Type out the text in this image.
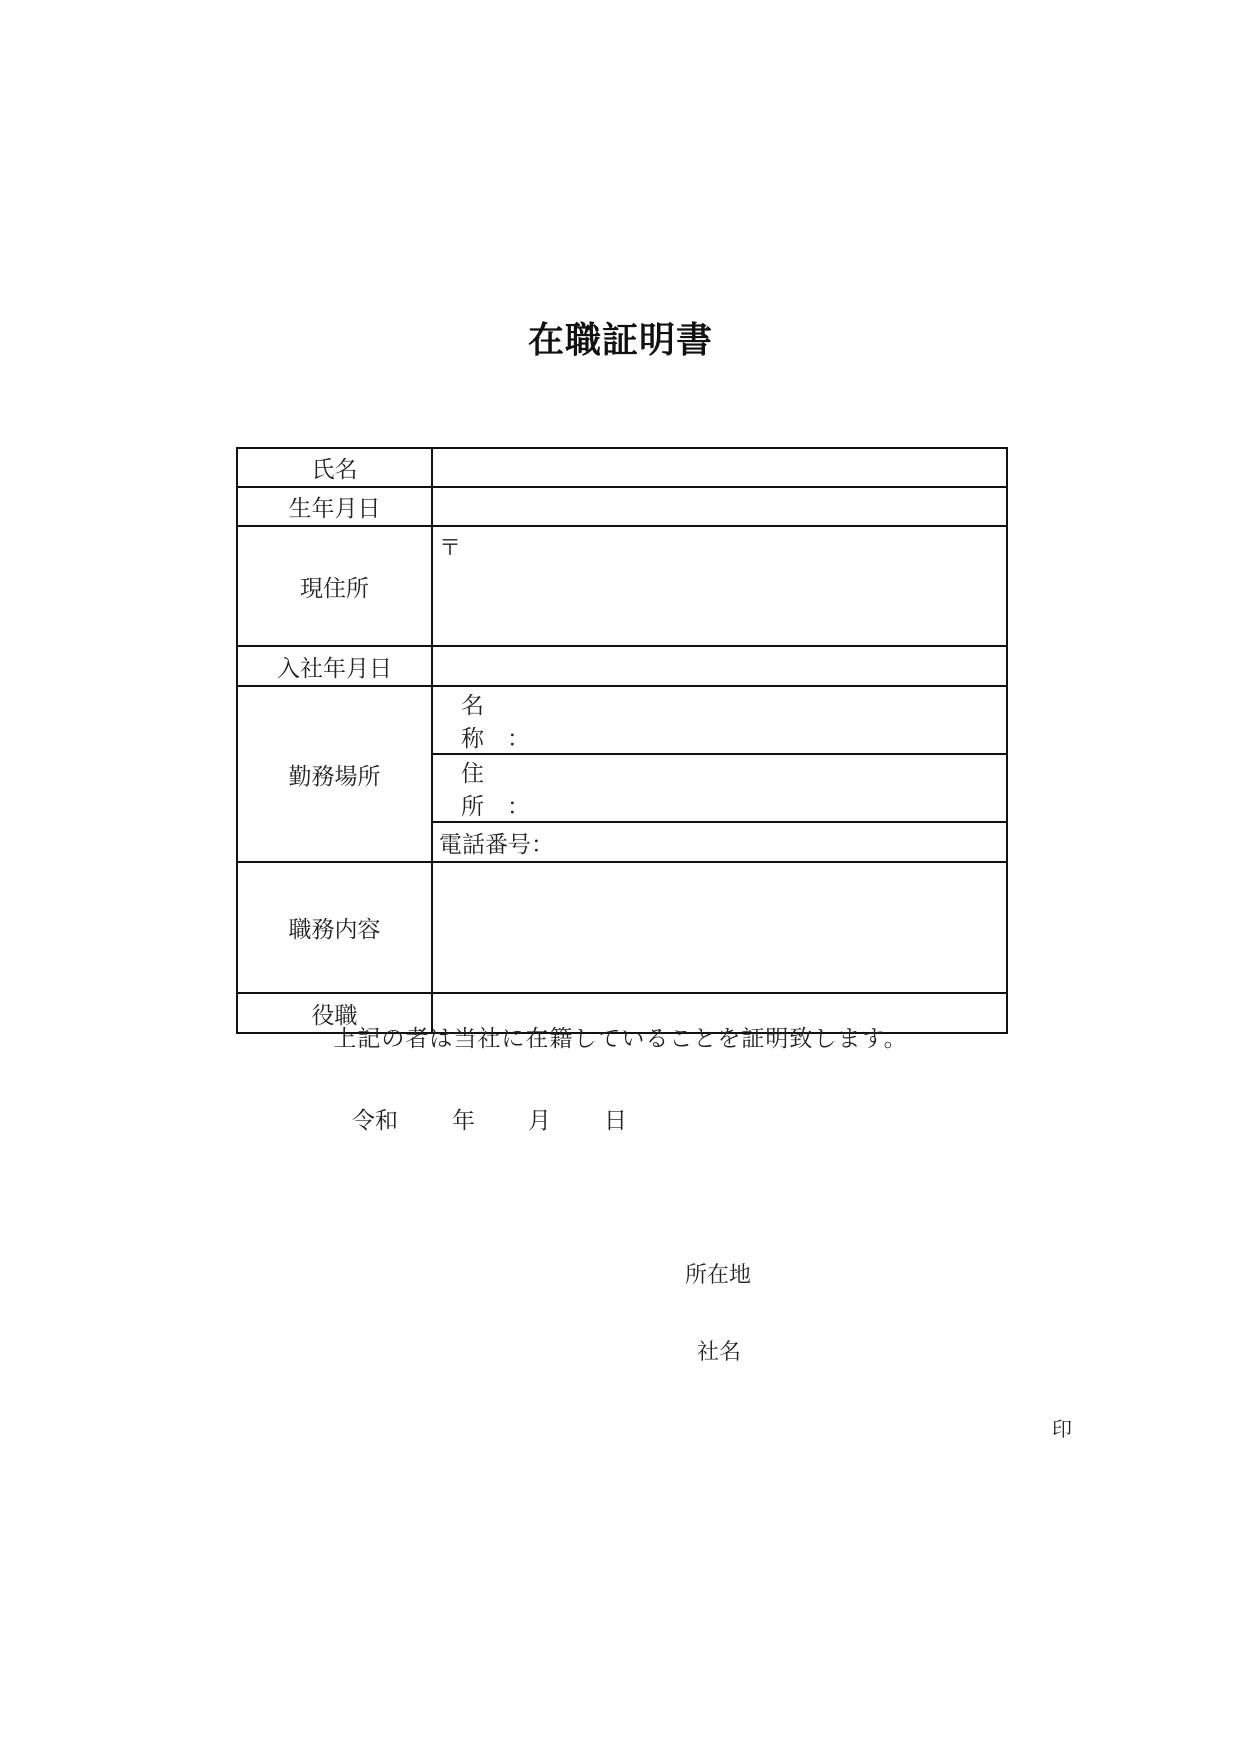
在職証明書
氏名	
生年月日	
現住所	〒
入社年月日	
勤務場所	名称　：
	住所　：
	電話番号：
職務内容	
役職	
上記の者は当社に在籍していることを証明致します。
令和 年 月 日
所在地
社名
印
